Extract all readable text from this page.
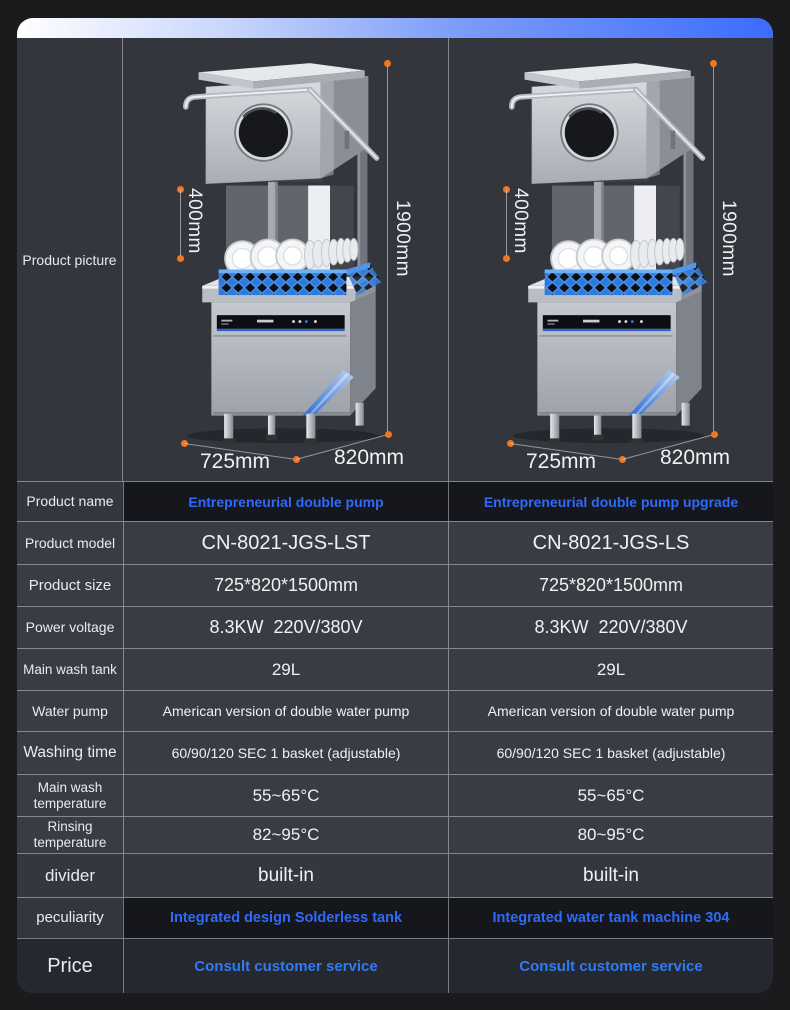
Product picture
400mm	1900mm
725mm	820mm
400mm	1900mm
725mm	820mm
Product name	Entrepreneurial double pump	Entrepreneurial double pump upgrade
Product model	CN-8021-JGS-LST	CN-8021-JGS-LS
Product size	725*820*1500mm	725*820*1500mm
Power voltage	8.3KW  220V/380V	8.3KW  220V/380V
Main wash tank	29L	29L
Water pump	American version of double water pump	American version of double water pump
Washing time	60/90/120 SEC 1 basket (adjustable)	60/90/120 SEC 1 basket (adjustable)
Main wash temperature	55~65°C	55~65°C
Rinsing temperature	82~95°C	80~95°C
divider	built-in	built-in
peculiarity	Integrated design Solderless tank	Integrated water tank machine 304
Price	Consult customer service	Consult customer service
